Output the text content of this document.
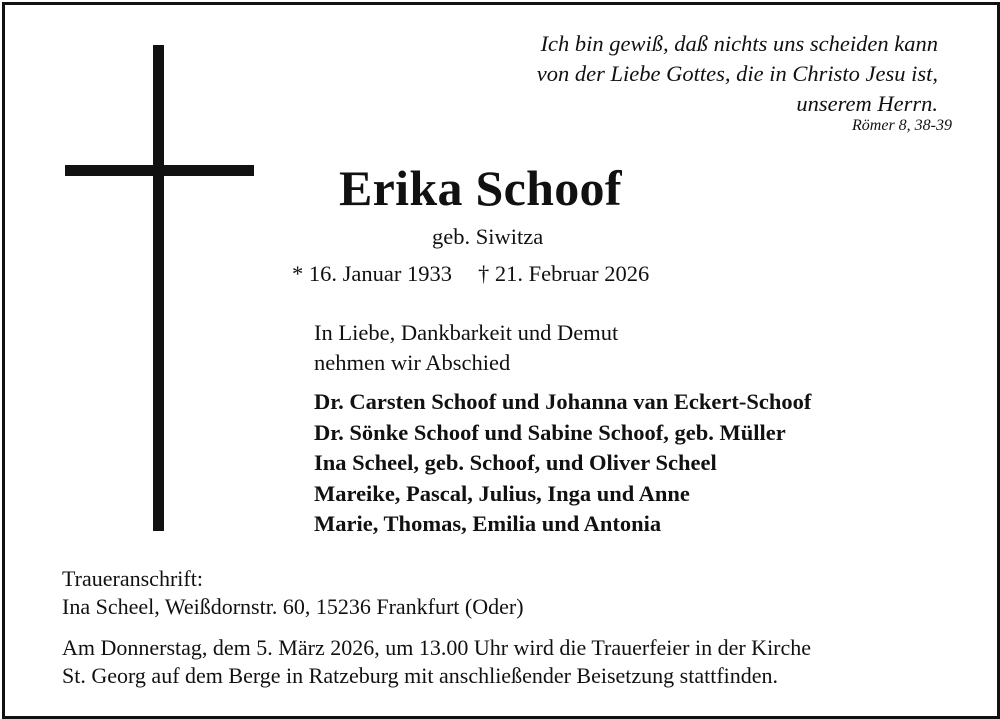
Ich bin gewiß, daß nichts uns scheiden kann
von der Liebe Gottes, die in Christo Jesu ist,
unserem Herrn.
Römer 8, 38-39
Erika Schoof
geb. Siwitza
* 16. Januar 1933 † 21. Februar 2026
In Liebe, Dankbarkeit und Demut
nehmen wir Abschied
Dr. Carsten Schoof und Johanna van Eckert-Schoof
Dr. Sönke Schoof und Sabine Schoof, geb. Müller
Ina Scheel, geb. Schoof, und Oliver Scheel
Mareike, Pascal, Julius, Inga und Anne
Marie, Thomas, Emilia und Antonia
Traueranschrift:
Ina Scheel, Weißdornstr. 60, 15236 Frankfurt (Oder)
Am Donnerstag, dem 5. März 2026, um 13.00 Uhr wird die Trauerfeier in der Kirche
St. Georg auf dem Berge in Ratzeburg mit anschließender Beisetzung stattfinden.
